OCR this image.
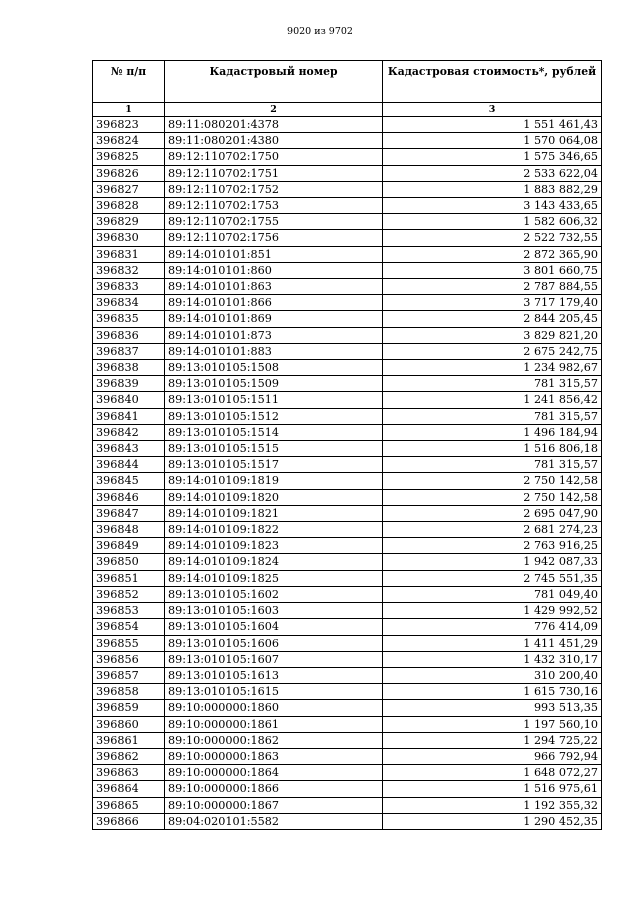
9020 из 9702
№ п/п	Кадастровый номер	Кадастровая стоимость*, рублей
1	2	3
396823	89:11:080201:4378	1 551 461,43
396824	89:11:080201:4380	1 570 064,08
396825	89:12:110702:1750	1 575 346,65
396826	89:12:110702:1751	2 533 622,04
396827	89:12:110702:1752	1 883 882,29
396828	89:12:110702:1753	3 143 433,65
396829	89:12:110702:1755	1 582 606,32
396830	89:12:110702:1756	2 522 732,55
396831	89:14:010101:851	2 872 365,90
396832	89:14:010101:860	3 801 660,75
396833	89:14:010101:863	2 787 884,55
396834	89:14:010101:866	3 717 179,40
396835	89:14:010101:869	2 844 205,45
396836	89:14:010101:873	3 829 821,20
396837	89:14:010101:883	2 675 242,75
396838	89:13:010105:1508	1 234 982,67
396839	89:13:010105:1509	781 315,57
396840	89:13:010105:1511	1 241 856,42
396841	89:13:010105:1512	781 315,57
396842	89:13:010105:1514	1 496 184,94
396843	89:13:010105:1515	1 516 806,18
396844	89:13:010105:1517	781 315,57
396845	89:14:010109:1819	2 750 142,58
396846	89:14:010109:1820	2 750 142,58
396847	89:14:010109:1821	2 695 047,90
396848	89:14:010109:1822	2 681 274,23
396849	89:14:010109:1823	2 763 916,25
396850	89:14:010109:1824	1 942 087,33
396851	89:14:010109:1825	2 745 551,35
396852	89:13:010105:1602	781 049,40
396853	89:13:010105:1603	1 429 992,52
396854	89:13:010105:1604	776 414,09
396855	89:13:010105:1606	1 411 451,29
396856	89:13:010105:1607	1 432 310,17
396857	89:13:010105:1613	310 200,40
396858	89:13:010105:1615	1 615 730,16
396859	89:10:000000:1860	993 513,35
396860	89:10:000000:1861	1 197 560,10
396861	89:10:000000:1862	1 294 725,22
396862	89:10:000000:1863	966 792,94
396863	89:10:000000:1864	1 648 072,27
396864	89:10:000000:1866	1 516 975,61
396865	89:10:000000:1867	1 192 355,32
396866	89:04:020101:5582	1 290 452,35
